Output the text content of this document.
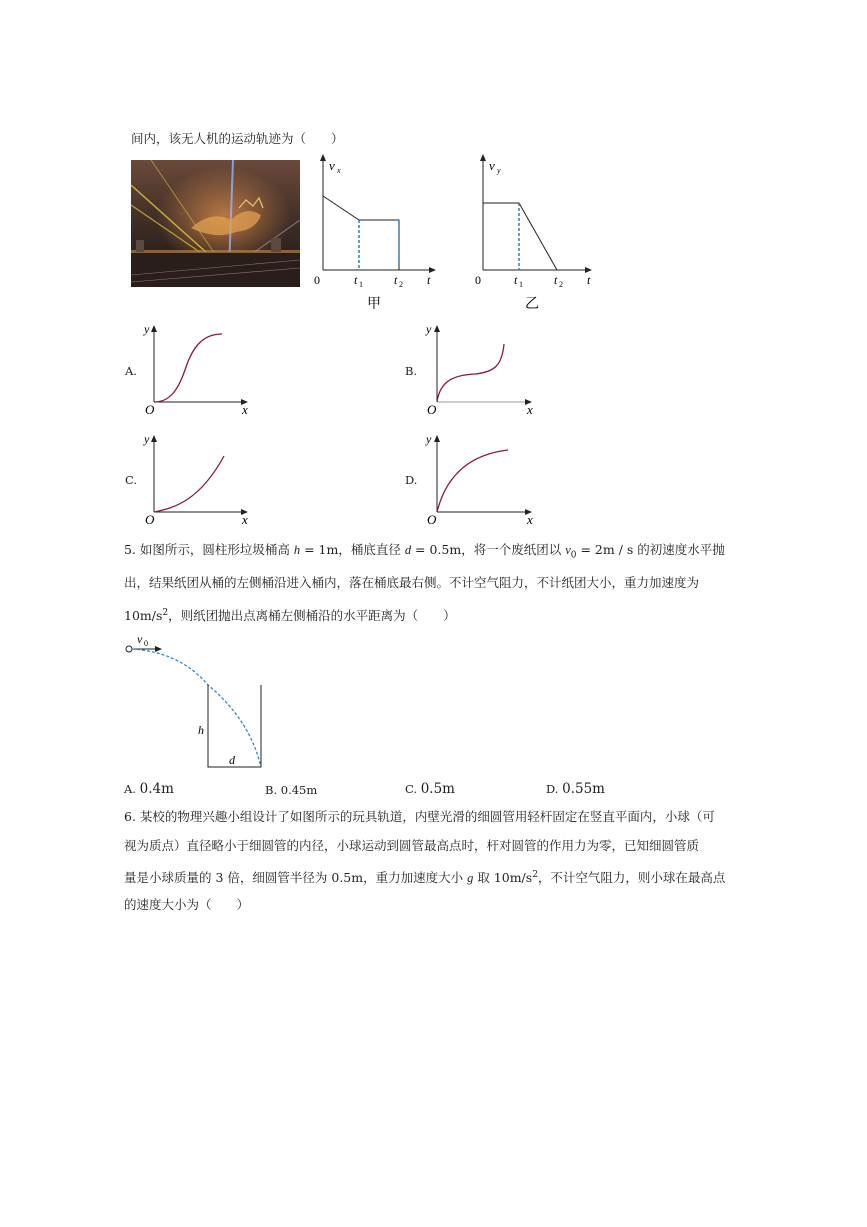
间内，该无人机的运动轨迹为（　　）
v x
0	t 1	t 2 t
甲
v y
0	t 1	t 2 t
乙
A.
y
O	x
B.
y
O	x
C.
y
O	x
D.
y
O	x
5. 如图所示，圆柱形垃圾桶高 h = 1m，桶底直径 d = 0.5m，将一个废纸团以 $v_0 = 2m / s$ 的初速度水平抛
出，结果纸团从桶的左侧桶沿进入桶内，落在桶底最右侧。不计空气阻力，不计纸团大小，重力加速度为
$10m/s^2$，则纸团抛出点离桶左侧桶沿的水平距离为（　　）
v 0
h
d
A. 0.4m	B. 0.45m	C. 0.5m	D. 0.55m
6. 某校的物理兴趣小组设计了如图所示的玩具轨道，内壁光滑的细圆管用轻杆固定在竖直平面内，小球（可
视为质点）直径略小于细圆管的内径，小球运动到圆管最高点时，杆对圆管的作用力为零，已知细圆管质
量是小球质量的 3 倍，细圆管半径为 0.5m，重力加速度大小 g 取 $10m/s^2$，不计空气阻力，则小球在最高点
的速度大小为（　　）
